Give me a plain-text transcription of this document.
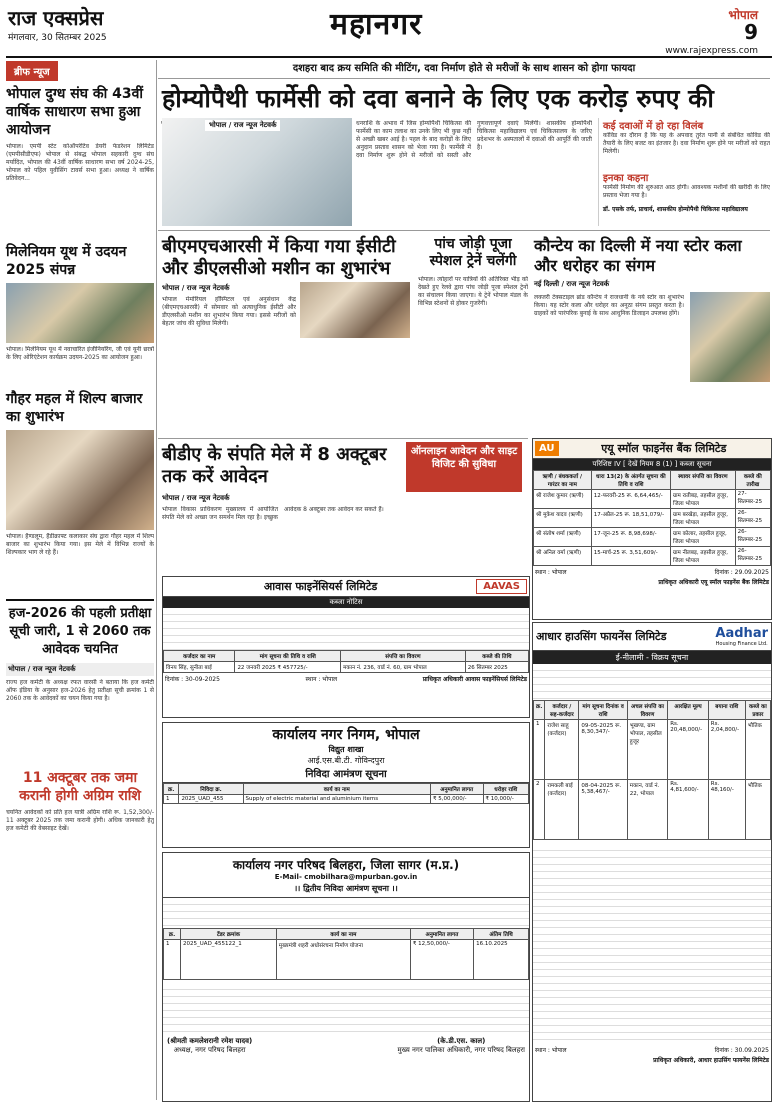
राज एक्सप्रेस
मंगलवार, 30 सितम्बर 2025	महानगर	भोपाल
9
www.rajexpress.com
ब्रीफ न्यूज
भोपाल दुग्ध संघ की 43वीं वार्षिक साधारण सभा हुआ आयोजन
भोपाल। एमपी स्टेट कोऑपरेटिव डेयरी फेडरेशन लिमिटेड (एमपीसीडीएफ) भोपाल से संबद्ध भोपाल सहकारी दुग्ध संघ मर्यादित, भोपाल की 43वीं वार्षिक साधारण सभा वर्ष 2024-25, भोपाल को पहिल युवीसिंग टावर्स सभा हुआ। अध्यक्ष ने वार्षिक प्रतिवेदन...
मिलेनियम यूथ में उदयन 2025 संपन्न
भोपाल। मिलेनियम यूथ में नवाचारित इंजीनियरिंग, जी एवं यूनी छात्रों के लिए ओरिएंटेशन कार्यक्रम उदयन-2025 का आयोजन हुआ।
गौहर महल में शिल्प बाजार का शुभारंभ
भोपाल। हैण्डलूम, हैंडीक्राफ्ट कलाकार संघ द्वारा गौहर महल में शिल्प बाजार का शुभारंभ किया गया। इस मेले में विभिन्न राज्यों के शिल्पकार भाग ले रहे हैं।
हज-2026 की पहली प्रतीक्षा सूची जारी, 1 से 2060 तक आवेदक चयनित
भोपाल / राज न्यूज नेटवर्क
राज्य हज कमेटी के अध्यक्ष रफत वारसी ने बताया कि हज कमेटी ऑफ इंडिया के अनुसार हज-2026 हेतु प्रतीक्षा सूची क्रमांक 1 से 2060 तक के आवेदकों का चयन किया गया है।
11 अक्टूबर तक जमा करानी होगी अग्रिम राशि
चयनित आवेदकों को प्रति हज यात्री अग्रिम राशि रू. 1,52,300/- 11 अक्टूबर 2025 तक जमा करानी होगी। अधिक जानकारी हेतु हज कमेटी की वेबसाइट देखें।
दशहरा बाद क्रय समिति की मीटिंग, दवा निर्माण होते से मरीजों के साथ शासन को होगा फायदा
होम्योपैथी फार्मेसी को दवा बनाने के लिए एक करोड़ रुपए की
भोपाल / राज न्यूज नेटवर्क	धनराशि के अभाव में जिस होम्योपैथी चिकित्सा की फार्मेसी का काम तलाश का उनके लिए भी कुछ नहीं से अच्छी खबर आई है। पहल के बाद करोड़ों के लिए अनुदान प्रस्ताव शासन को भेजा गया है। फार्मेसी में दवा निर्माण शुरू होने से मरीजों को सस्ती और गुणवत्तापूर्ण दवाएं मिलेंगी। शासकीय होम्योपैथी चिकित्सा महाविद्यालय एवं चिकित्सालय के जरिए प्रदेशभर के अस्पतालों में दवाओं की आपूर्ति की जाती है।
कई दवाओं में हो रहा विलंब
कोविड का दौरान है कि यह के अपवाद तुरंत पानी से संबंधित कोविड की तैयारी के लिए बजट का इंतजार है। दवा निर्माण शुरू होने पर मरीजों को राहत मिलेगी।
इनका कहना
फार्मेसी निर्माण की शुरुआत आठ होगी। आवश्यक मशीनों की खरीदी के लिए प्रस्ताव भेजा गया है।
डॉ. एसके तर्फ, प्राचार्य, शासकीय होम्योपैथी चिकित्सा महाविद्यालय
बीएमएचआरसी में किया गया ईसीटी और डीएलसीओ मशीन का शुभारंभ
भोपाल / राज न्यूज नेटवर्क
भोपाल मेमोरियल हॉस्पिटल एवं अनुसंधान केंद्र (बीएमएचआरसी) में सोमवार को अत्याधुनिक ईसीटी और डीएलसीओ मशीन का शुभारंभ किया गया। इससे मरीजों को बेहतर जांच की सुविधा मिलेगी।
पांच जोड़ी पूजा स्पेशल ट्रेनें चलेंगी
भोपाल। त्योहारों पर यात्रियों की अतिरिक्त भीड़ को देखते हुए रेलवे द्वारा पांच जोड़ी पूजा स्पेशल ट्रेनों का संचालन किया जाएगा। ये ट्रेनें भोपाल मंडल के विभिन्न स्टेशनों से होकर गुजरेंगी।
कौन्टेय का दिल्ली में नया स्टोर कला और धरोहर का संगम
नई दिल्ली / राज न्यूज नेटवर्क
लक्जरी टेक्सटाइल ब्रांड कौन्टेय ने राजधानी के नये स्टोर का शुभारंभ किया। यह स्टोर कला और धरोहर का अनूठा संगम प्रस्तुत करता है। ग्राहकों को पारंपरिक बुनाई के साथ आधुनिक डिजाइन उपलब्ध होंगे।
बीडीए के संपति मेले में 8 अक्टूबर तक करें आवेदन
ऑनलाइन आवेदन और साइट विजिट की सुविधा
भोपाल / राज न्यूज नेटवर्क
भोपाल विकास प्राधिकरण मुख्यालय में आयोजित संपति मेले को अच्छा जन समर्थन मिल रहा है। इच्छुक आवेदक 8 अक्टूबर तक आवेदन कर सकते हैं।
AU	एयू स्मॉल फाइनेंस बैंक लिमिटेड
परिशिष्ट IV [ देखें नियम 8 (1) ] कब्जा सूचना
ऋणी / बंधककर्ता / गारंटर का नाम	धारा 13(2) के अंतर्गत सूचना की तिथि व राशि	स्थावर संपत्ति का विवरण	कब्जे की तारीख
श्री राजेश कुमार (ऋणी)	12-फरवरी-25 रू. 6,64,465/-	ग्राम रातीबड़, तहसील हुजूर, जिला भोपाल	27-सितम्बर-25
श्री मुकेश यादव (ऋणी)	17-अप्रैल-25 रू. 18,51,079/-	ग्राम बरखेड़ा, तहसील हुजूर, जिला भोपाल	26-सितम्बर-25
श्री संतोष शर्मा (ऋणी)	17-जून-25 रू. 8,98,698/-	ग्राम कोलार, तहसील हुजूर, जिला भोपाल	26-सितम्बर-25
श्री अनिल वर्मा (ऋणी)	15-मार्च-25 रू. 3,51,609/-	ग्राम नीलबड़, तहसील हुजूर, जिला भोपाल	26-सितम्बर-25
स्थान : भोपाल	दिनांक : 29.09.2025
प्राधिकृत अधिकारी एयू स्मॉल फाइनेंस बैंक लिमिटेड
आवास फाइनेंसियर्स लिमिटेड	AAVAS
कब्जा नोटिस
कर्जदार का नाम	मांग सूचना की तिथि व राशि	संपत्ति का विवरण	कब्जे की तिथि
विनय सिंह, सुनीता बाई	22 जनवरी 2025 ₹ 457725/-	मकान नं. 236, वार्ड नं. 60, ग्राम भोपाल	26 सितम्बर 2025
दिनांक : 30-09-2025	स्थान : भोपाल	प्राधिकृत अधिकारी आवास फाइनेंसियर्स लिमिटेड
आधार हाउसिंग फायनेंस लिमिटेड	Aadhar
Housing Finance Ltd.
ई-नीलामी - विक्रय सूचना
क्र.	कर्जदार / सह-कर्जदार	मांग सूचना दिनांक व राशि	अचल संपत्ति का विवरण	आरक्षित मूल्य	बयाना राशि	कब्जे का प्रकार
1	राजेश साहू (कर्जदार)	09-05-2025 रू. 8,30,347/-	भूखण्ड, ग्राम भोपाल, तहसील हुजूर	Rs. 20,48,000/-	Rs. 2,04,800/-	भौतिक
2	रामकली बाई (कर्जदार)	08-04-2025 रू. 5,38,467/-	मकान, वार्ड नं. 22, भोपाल	Rs. 4,81,600/-	Rs. 48,160/-	भौतिक
स्थान : भोपाल	दिनांक : 30.09.2025
प्राधिकृत अधिकारी, आधार हाउसिंग फायनेंस लिमिटेड
कार्यालय नगर निगम, भोपाल
विद्युत शाखा
आई.एस.बी.टी. गोविन्दपुरा
निविदा आमंत्रण सूचना
क्र.	निविदा क्र.	कार्य का नाम	अनुमानित लागत	धरोहर राशि
1	2025_UAD_455	Supply of electric material and aluminium items	₹ 5,00,000/-	₹ 10,000/-
कार्यालय नगर परिषद बिलहरा, जिला सागर (म.प्र.)
E-Mail- cmobilhara@mpurban.gov.in
।। द्वितीय निविदा आमंत्रण सूचना ।।
क्र.	टेंडर क्रमांक	कार्य का नाम	अनुमानित लागत	अंतिम तिथि
1	2025_UAD_455122_1	मुख्यमंत्री शहरी अधोसंरचना निर्माण योजना	₹ 12,50,000/-	16.10.2025
(श्रीमती कमलेशरानी रमेश यादव)
अध्यक्ष, नगर परिषद बिलहरा
(के.डी.एस. काल)
मुख्य नगर पालिका अधिकारी, नगर परिषद बिलहरा
